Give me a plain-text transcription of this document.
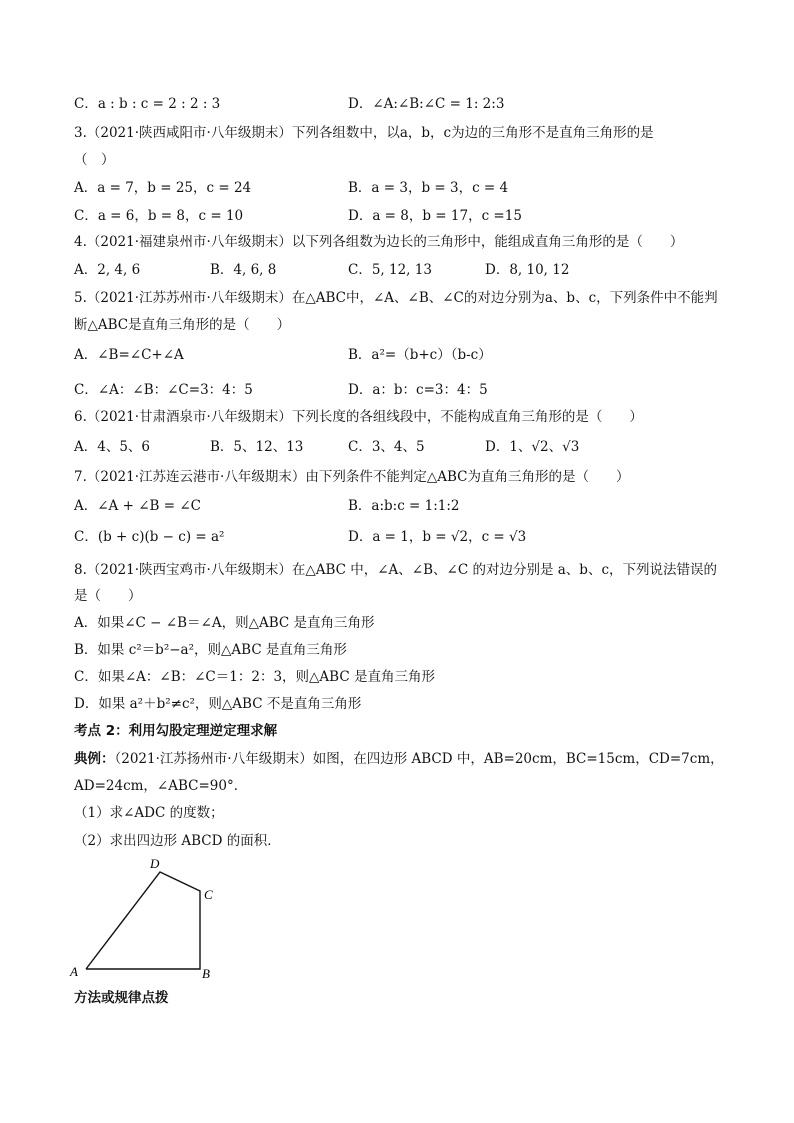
C．a : b : c = 2 : 2 : 3	D．∠A:∠B:∠C = 1: 2:3
3.（2021·陕西咸阳市·八年级期末）下列各组数中，以a，b，c为边的三角形不是直角三角形的是
（　）
A．a = 7，b = 25，c = 24	B．a = 3，b = 3，c = 4
C．a = 6，b = 8，c = 10	D．a = 8，b = 17，c =15
4.（2021·福建泉州市·八年级期末）以下列各组数为边长的三角形中，能组成直角三角形的是（　　）
A．2, 4, 6	B．4, 6, 8	C．5, 12, 13	D．8, 10, 12
5.（2021·江苏苏州市·八年级期末）在△ABC中，∠A、∠B、∠C的对边分别为a、b、c，下列条件中不能判
断△ABC是直角三角形的是（　　）
A．∠B=∠C+∠A	B．a²=（b+c）（b-c）
C．∠A：∠B：∠C=3：4：5	D．a：b：c=3：4：5
6.（2021·甘肃酒泉市·八年级期末）下列长度的各组线段中，不能构成直角三角形的是（　　）
A．4、5、6	B．5、12、13	C．3、4、5	D．1、√2、√3
7.（2021·江苏连云港市·八年级期末）由下列条件不能判定△ABC为直角三角形的是（　　）
A．∠A + ∠B = ∠C	B．a:b:c = 1:1:2
C．(b + c)(b − c) = a²	D．a = 1，b = √2，c = √3
8.（2021·陕西宝鸡市·八年级期末）在△ABC 中，∠A、∠B、∠C 的对边分别是 a、b、c，下列说法错误的
是（　　）
A．如果∠C − ∠B＝∠A，则△ABC 是直角三角形
B．如果 c²＝b²−a²，则△ABC 是直角三角形
C．如果∠A：∠B：∠C＝1：2：3，则△ABC 是直角三角形
D．如果 a²＋b²≠c²，则△ABC 不是直角三角形
考点 2：利用勾股定理逆定理求解
典例：（2021·江苏扬州市·八年级期末）如图，在四边形 ABCD 中，AB=20cm，BC=15cm，CD=7cm，
AD=24cm，∠ABC=90°．
（1）求∠ADC 的度数；
（2）求出四边形 ABCD 的面积．
A	B
C
D
方法或规律点拨
